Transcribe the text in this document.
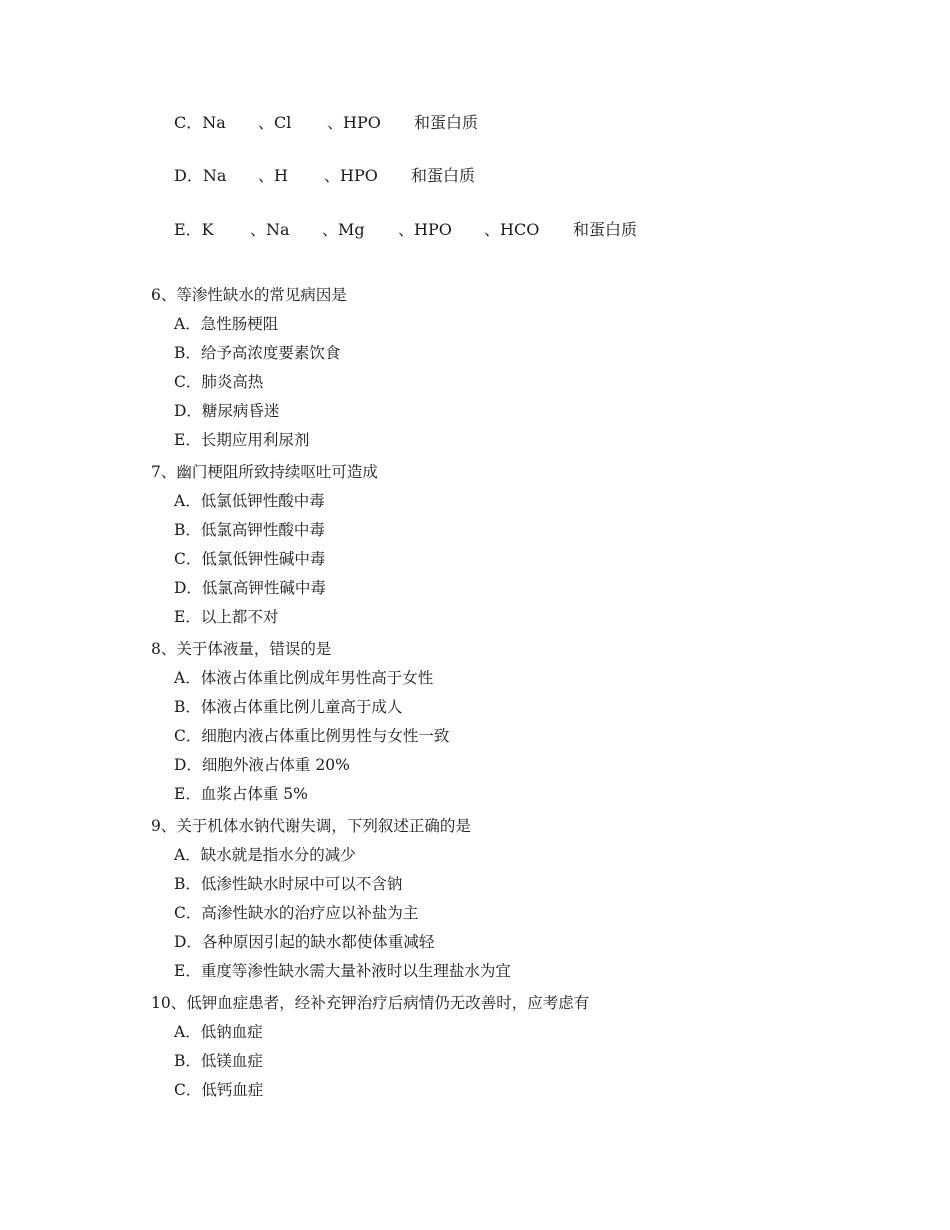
C．Na 、Cl 、HPO 和蛋白质
D．Na 、H 、HPO 和蛋白质
E．K 、Na 、Mg 、HPO 、HCO 和蛋白质
6、等渗性缺水的常见病因是
A．急性肠梗阻
B．给予高浓度要素饮食
C．肺炎高热
D．糖尿病昏迷
E．长期应用利尿剂
7、幽门梗阻所致持续呕吐可造成
A．低氯低钾性酸中毒
B．低氯高钾性酸中毒
C．低氯低钾性碱中毒
D．低氯高钾性碱中毒
E．以上都不对
8、关于体液量，错误的是
A．体液占体重比例成年男性高于女性
B．体液占体重比例儿童高于成人
C．细胞内液占体重比例男性与女性一致
D．细胞外液占体重 20%
E．血浆占体重 5%
9、关于机体水钠代谢失调，下列叙述正确的是
A．缺水就是指水分的减少
B．低渗性缺水时尿中可以不含钠
C．高渗性缺水的治疗应以补盐为主
D．各种原因引起的缺水都使体重减轻
E．重度等渗性缺水需大量补液时以生理盐水为宜
10、低钾血症患者，经补充钾治疗后病情仍无改善时，应考虑有
A．低钠血症
B．低镁血症
C．低钙血症
